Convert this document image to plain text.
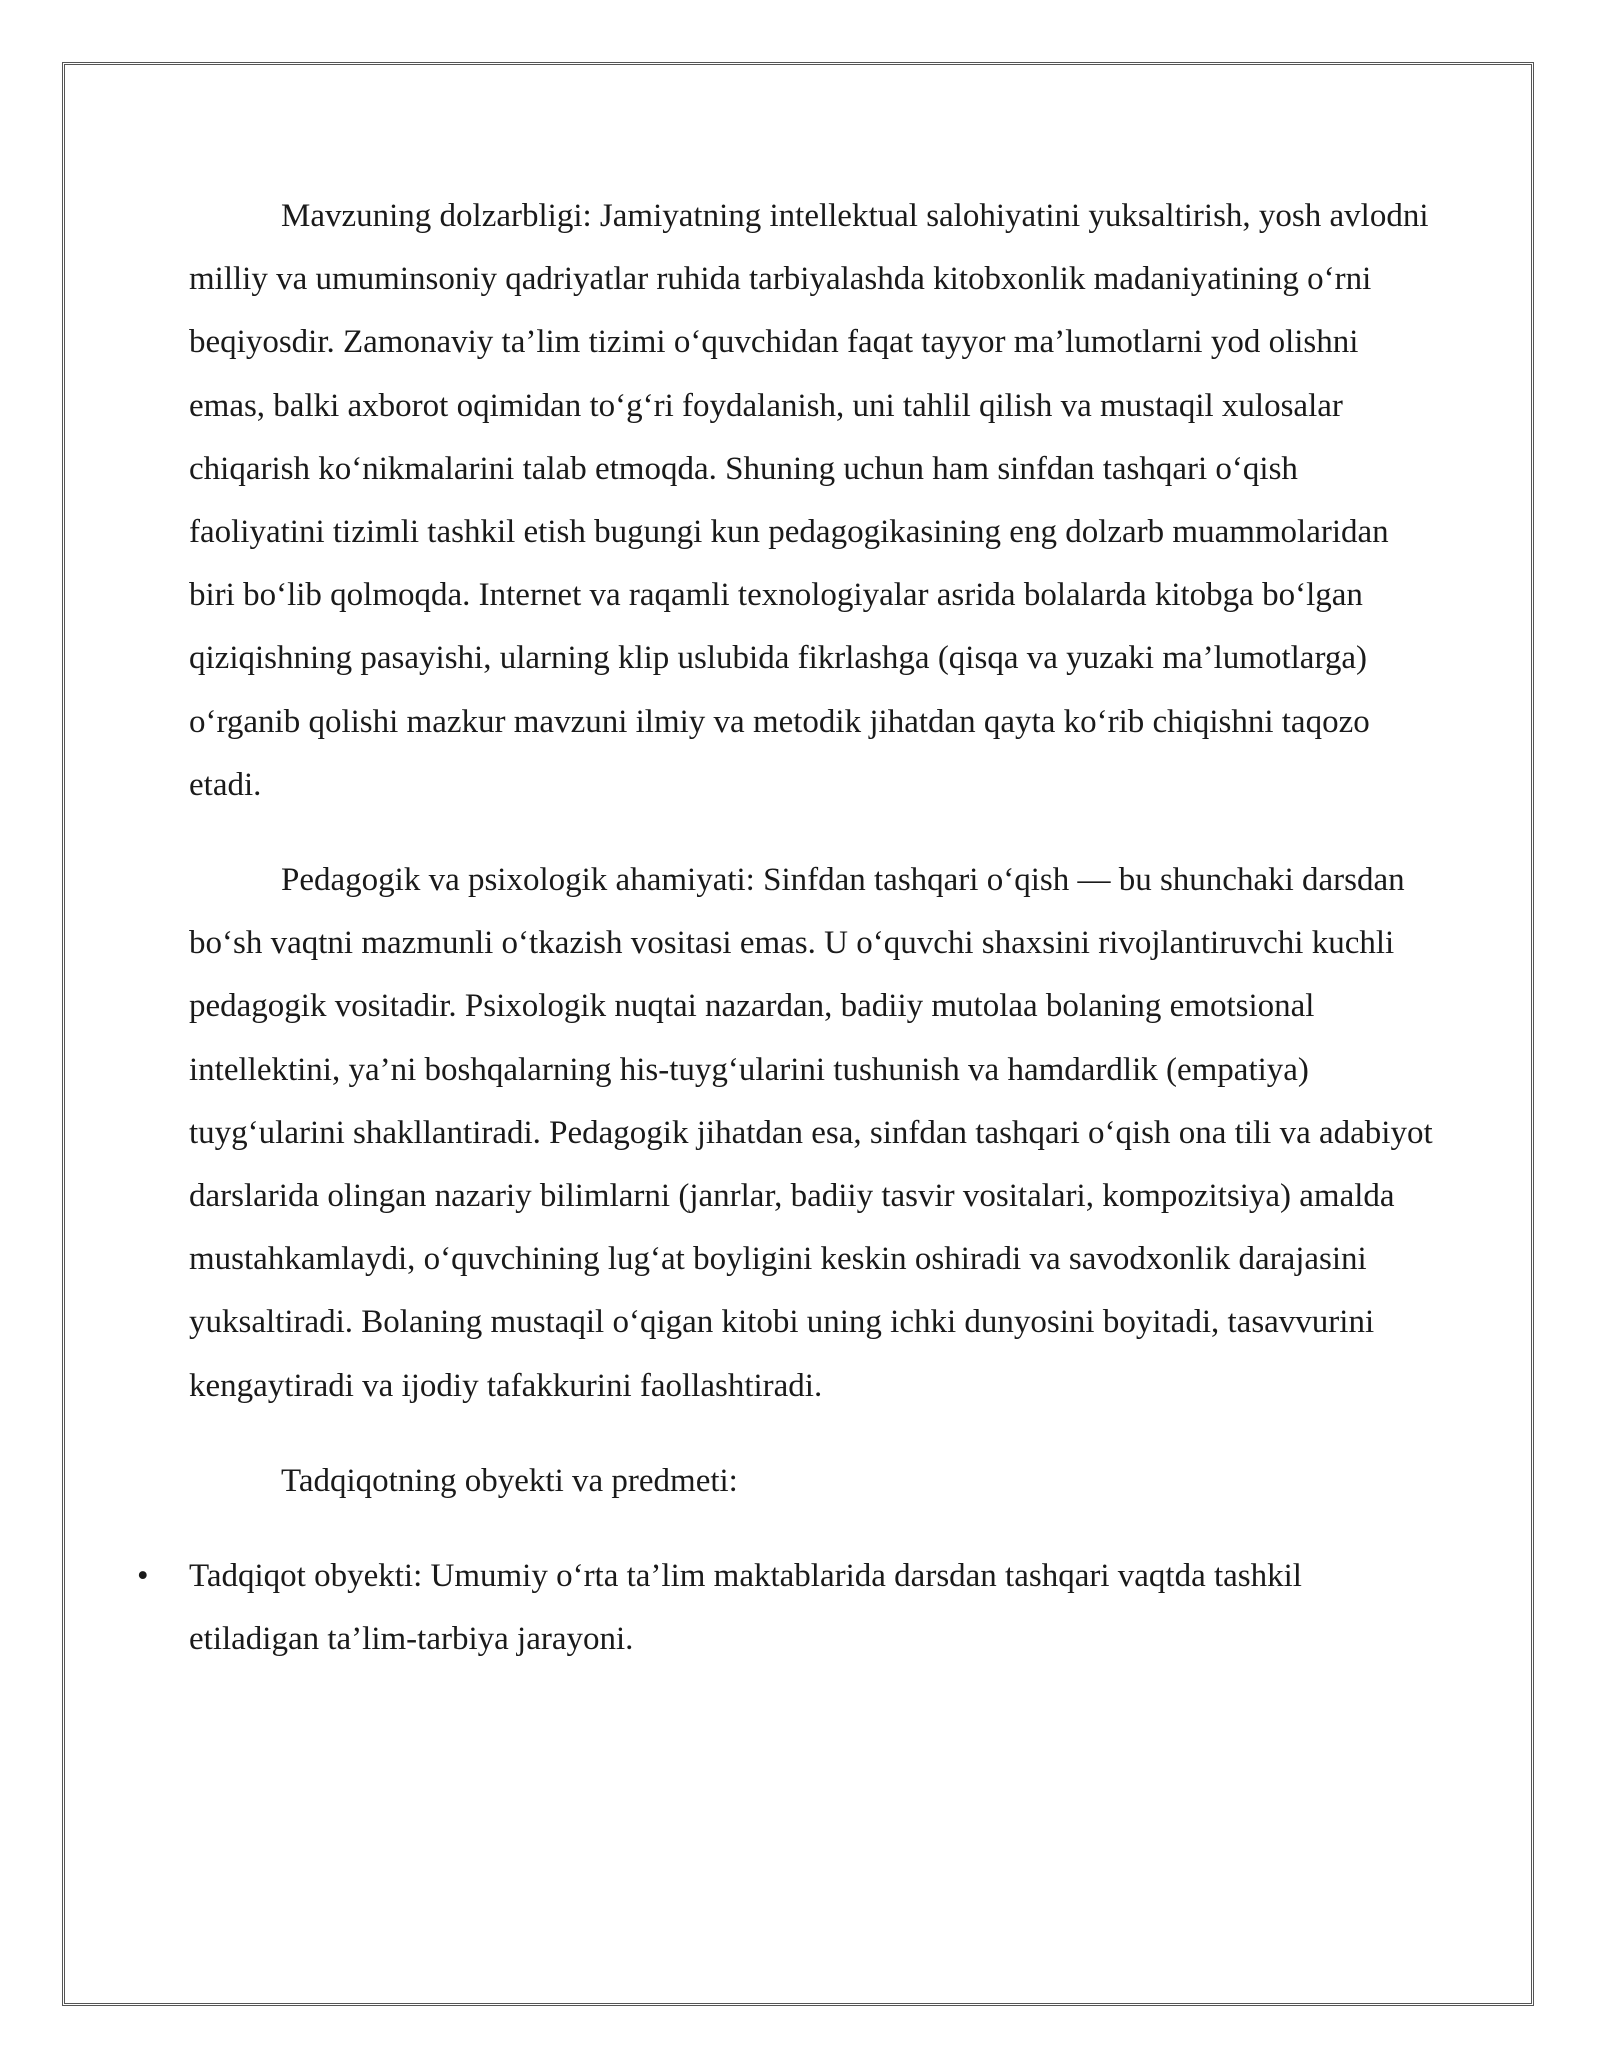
Mavzuning dolzarbligi: Jamiyatning intellektual salohiyatini yuksaltirish, yosh avlodni milliy va umuminsoniy qadriyatlar ruhida tarbiyalashda kitobxonlik madaniyatining o‘rni beqiyosdir. Zamonaviy ta’lim tizimi o‘quvchidan faqat tayyor ma’lumotlarni yod olishni emas, balki axborot oqimidan to‘g‘ri foydalanish, uni tahlil qilish va mustaqil xulosalar chiqarish ko‘nikmalarini talab etmoqda. Shuning uchun ham sinfdan tashqari o‘qish faoliyatini tizimli tashkil etish bugungi kun pedagogikasining eng dolzarb muammolaridan biri bo‘lib qolmoqda. Internet va raqamli texnologiyalar asrida bolalarda kitobga bo‘lgan qiziqishning pasayishi, ularning klip uslubida fikrlashga (qisqa va yuzaki ma’lumotlarga) o‘rganib qolishi mazkur mavzuni ilmiy va metodik jihatdan qayta ko‘rib chiqishni taqozo etadi.

Pedagogik va psixologik ahamiyati: Sinfdan tashqari o‘qish — bu shunchaki darsdan bo‘sh vaqtni mazmunli o‘tkazish vositasi emas. U o‘quvchi shaxsini rivojlantiruvchi kuchli pedagogik vositadir. Psixologik nuqtai nazardan, badiiy mutolaa bolaning emotsional intellektini, ya’ni boshqalarning his-tuyg‘ularini tushunish va hamdardlik (empatiya) tuyg‘ularini shakllantiradi. Pedagogik jihatdan esa, sinfdan tashqari o‘qish ona tili va adabiyot darslarida olingan nazariy bilimlarni (janrlar, badiiy tasvir vositalari, kompozitsiya) amalda mustahkamlaydi, o‘quvchining lug‘at boyligini keskin oshiradi va savodxonlik darajasini yuksaltiradi. Bolaning mustaqil o‘qigan kitobi uning ichki dunyosini boyitadi, tasavvurini kengaytiradi va ijodiy tafakkurini faollashtiradi.

Tadqiqotning obyekti va predmeti:

• Tadqiqot obyekti: Umumiy o‘rta ta’lim maktablarida darsdan tashqari vaqtda tashkil etiladigan ta’lim-tarbiya jarayoni.
